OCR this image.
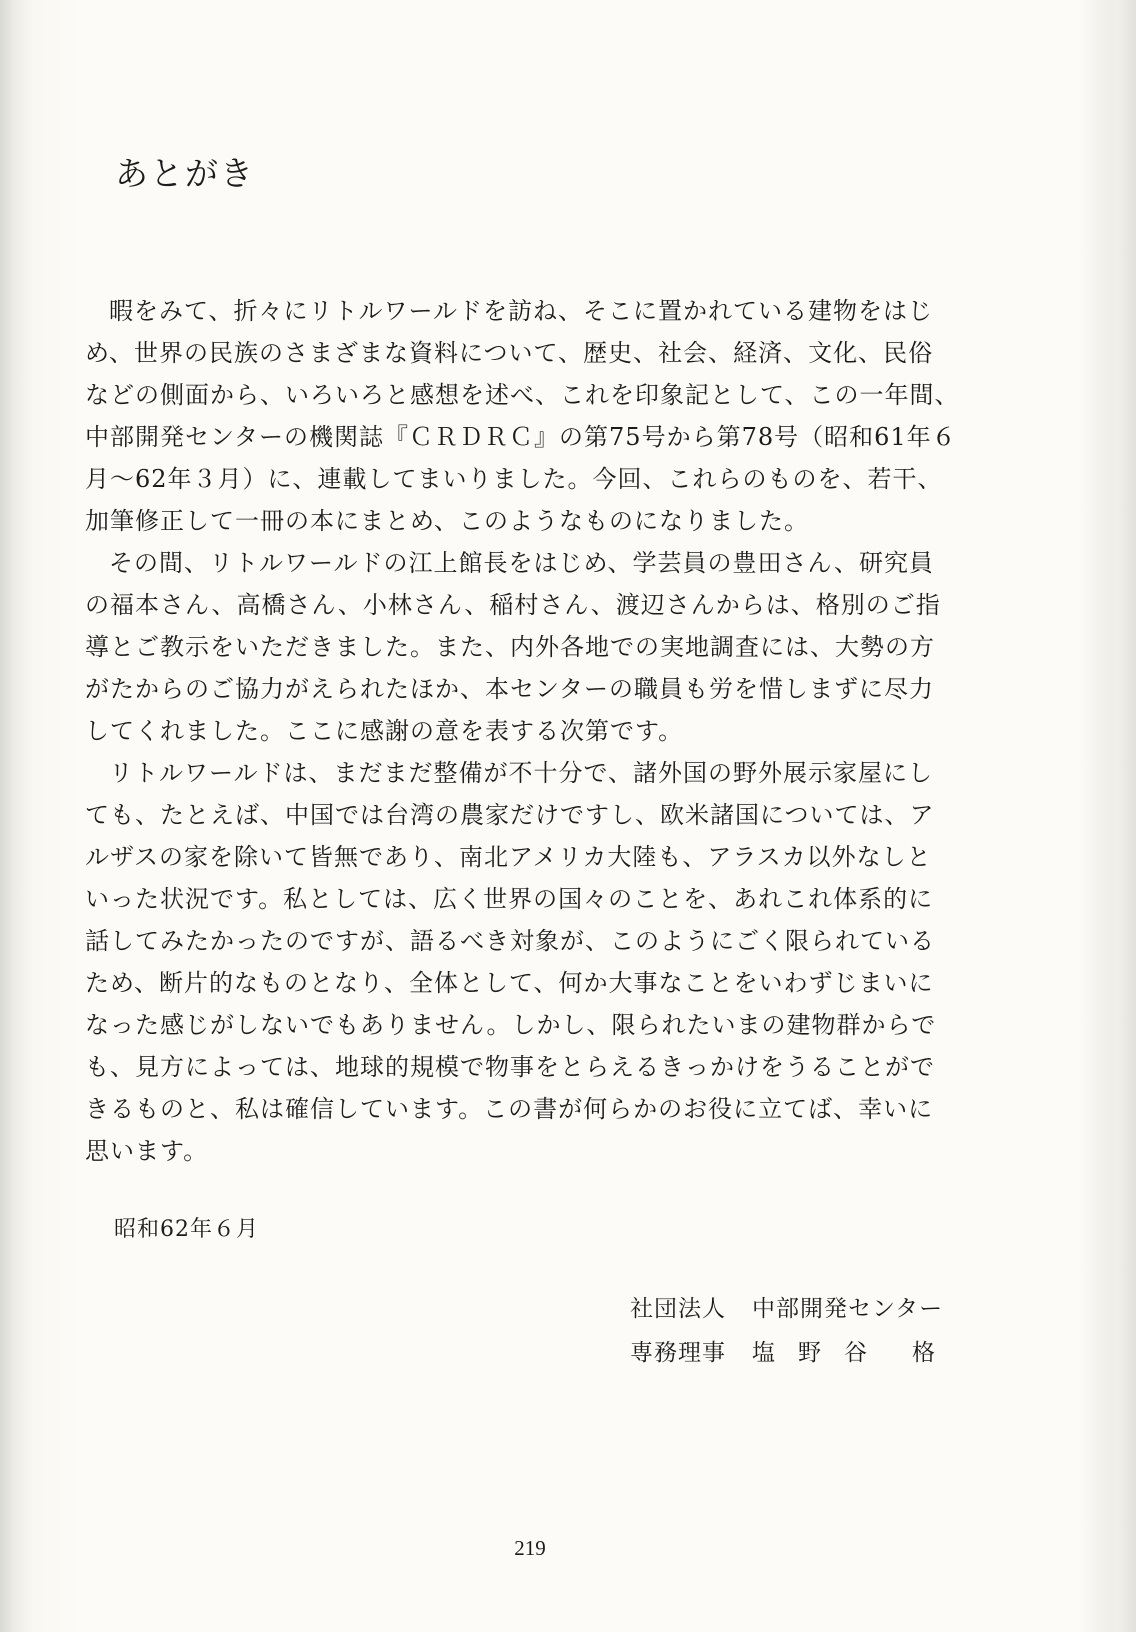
あとがき
暇をみて、折々にリトルワールドを訪ね、そこに置かれている建物をはじ
め、世界の民族のさまざまな資料について、歴史、社会、経済、文化、民俗
などの側面から、いろいろと感想を述べ、これを印象記として、この一年間、
中部開発センターの機関誌『ＣＲＤＲＣ』の第75号から第78号（昭和61年６
月～62年３月）に、連載してまいりました。今回、これらのものを、若干、
加筆修正して一冊の本にまとめ、このようなものになりました。
その間、リトルワールドの江上館長をはじめ、学芸員の豊田さん、研究員
の福本さん、高橋さん、小林さん、稲村さん、渡辺さんからは、格別のご指
導とご教示をいただきました。また、内外各地での実地調査には、大勢の方
がたからのご協力がえられたほか、本センターの職員も労を惜しまずに尽力
してくれました。ここに感謝の意を表する次第です。
リトルワールドは、まだまだ整備が不十分で、諸外国の野外展示家屋にし
ても、たとえば、中国では台湾の農家だけですし、欧米諸国については、ア
ルザスの家を除いて皆無であり、南北アメリカ大陸も、アラスカ以外なしと
いった状況です。私としては、広く世界の国々のことを、あれこれ体系的に
話してみたかったのですが、語るべき対象が、このようにごく限られている
ため、断片的なものとなり、全体として、何か大事なことをいわずじまいに
なった感じがしないでもありません。しかし、限られたいまの建物群からで
も、見方によっては、地球的規模で物事をとらえるきっかけをうることがで
きるものと、私は確信しています。この書が何らかのお役に立てば、幸いに
思います。
昭和62年６月
社団法人 中部開発センター
専務理事 塩 野 谷 格
219
